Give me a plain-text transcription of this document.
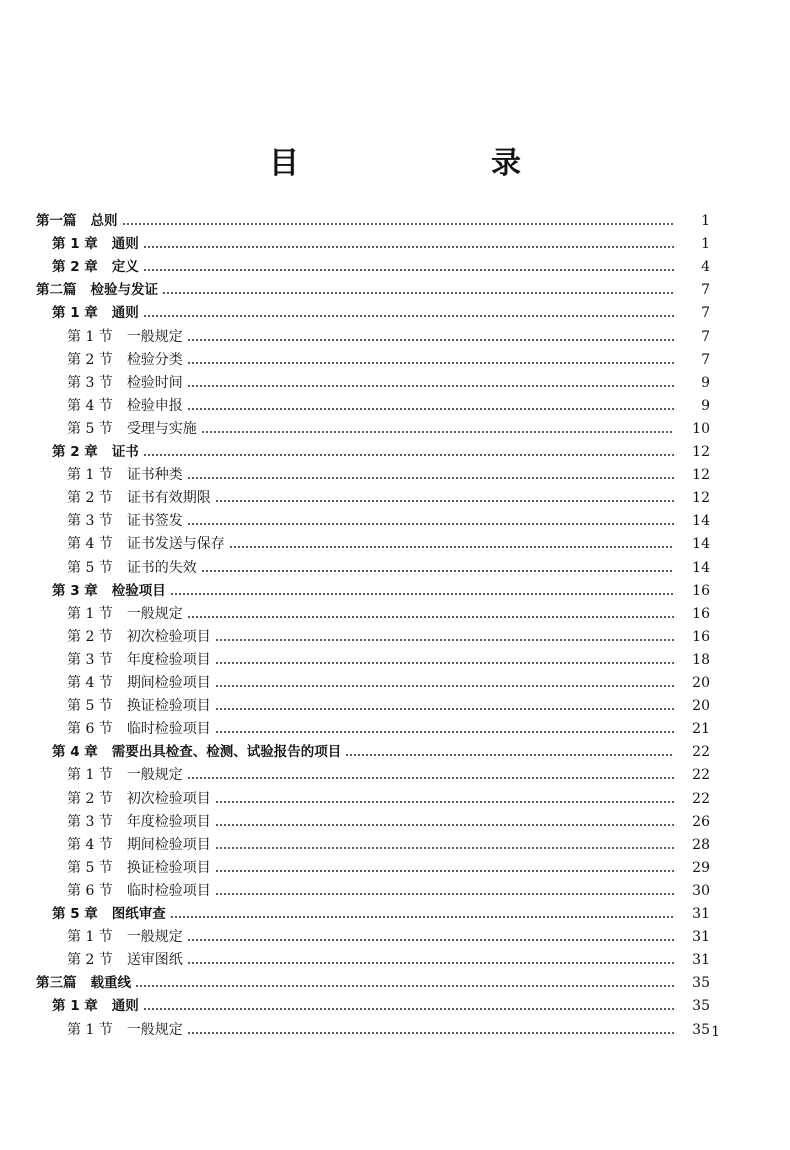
目　　录
第一篇 总则	1
第 1 章 通则	1
第 2 章 定义	4
第二篇 检验与发证	7
第 1 章 通则	7
第 1 节 一般规定	7
第 2 节 检验分类	7
第 3 节 检验时间	9
第 4 节 检验申报	9
第 5 节 受理与实施	10
第 2 章 证书	12
第 1 节 证书种类	12
第 2 节 证书有效期限	12
第 3 节 证书签发	14
第 4 节 证书发送与保存	14
第 5 节 证书的失效	14
第 3 章 检验项目	16
第 1 节 一般规定	16
第 2 节 初次检验项目	16
第 3 节 年度检验项目	18
第 4 节 期间检验项目	20
第 5 节 换证检验项目	20
第 6 节 临时检验项目	21
第 4 章 需要出具检查、检测、试验报告的项目	22
第 1 节 一般规定	22
第 2 节 初次检验项目	22
第 3 节 年度检验项目	26
第 4 节 期间检验项目	28
第 5 节 换证检验项目	29
第 6 节 临时检验项目	30
第 5 章 图纸审查	31
第 1 节 一般规定	31
第 2 节 送审图纸	31
第三篇 载重线	35
第 1 章 通则	35
第 1 节 一般规定	35 1
